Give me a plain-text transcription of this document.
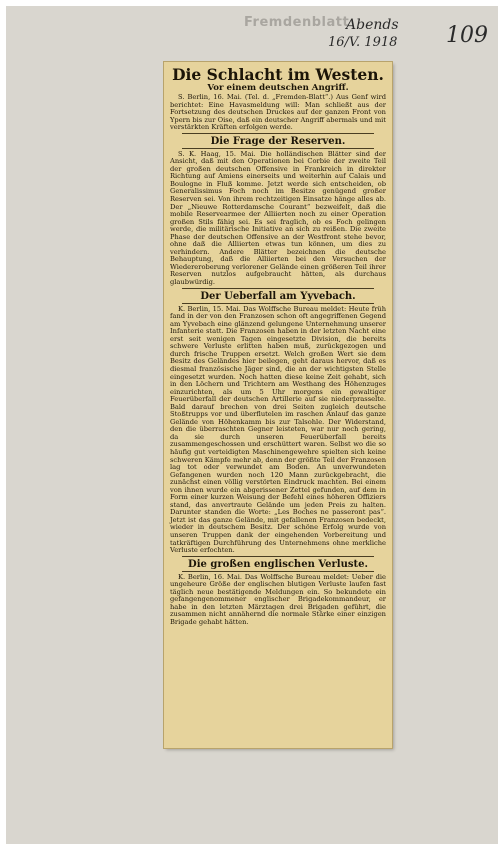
Fremdenblatt
Abends
16/V. 1918 109
Die Schlacht im Westen.
Vor einem deutschen Angriff.

S. Berlin, 16. Mai. (Tel. d. „Fremden-Blatt“.) Aus Genf wird berichtet: Eine Havasmeldung will: Man schließt aus der Fortsetzung des deutschen Druckes auf der ganzen Front von Ypern bis zur Oise, daß ein deutscher Angriff abermals und mit verstärkten Kräften erfolgen werde.

Die Frage der Reserven.

S. K. Haag, 15. Mai. Die holländischen Blätter sind der Ansicht, daß mit den Operationen bei Corbie der zweite Teil der großen deutschen Offensive in Frankreich in direkter Richtung auf Amiens einerseits und weiterhin auf Calais und Boulogne in Fluß komme. Jetzt werde sich entscheiden, ob Generalissimus Foch noch im Besitze genügend großer Reserven sei. Von ihrem rechtzeitigen Einsatze hänge alles ab. Der „Nieuwe Rotterdamsche Courant“ bezweifelt, daß die mobile Reservearmee der Alliierten noch zu einer Operation großen Stils fähig sei. Es sei fraglich, ob es Foch gelingen werde, die militärische Initiative an sich zu reißen. Die zweite Phase der deutschen Offensive an der Westfront stehe bevor, ohne daß die Alliierten etwas tun können, um dies zu verhindern. Andere Blätter bezeichnen die deutsche Behauptung, daß die Alliierten bei den Versuchen der Wiedereroberung verlorener Gelände einen größeren Teil ihrer Reserven nutzlos aufgebraucht hätten, als durchaus glaubwürdig.

Der Ueberfall am Yyvebach.

K. Berlin, 15. Mai. Das Wolffsche Bureau meldet: Heute früh fand in der von den Franzosen schon oft angegriffenen Gegend am Yyvebach eine glänzend gelungene Unternehmung unserer Infanterie statt. Die Franzosen haben in der letzten Nacht eine erst seit wenigen Tagen eingesetzte Division, die bereits schwere Verluste erlitten haben muß, zurückgezogen und durch frische Truppen ersetzt. Welch großen Wert sie dem Besitz des Geländes hier beilegen, geht daraus hervor, daß es diesmal französische Jäger sind, die an der wichtigsten Stelle eingesetzt wurden. Noch hatten diese keine Zeit gehabt, sich in den Löchern und Trichtern am Westhang des Höhenzuges einzurichten, als um 5 Uhr morgens ein gewaltiger Feuerüberfall der deutschen Artillerie auf sie niederprasselte. Bald darauf brechen von drei Seiten zugleich deutsche Stoßtrupps vor und überflutelen im raschen Anlauf das ganze Gelände von Höhenkamm bis zur Talsohle. Der Widerstand, den die überraschten Gegner leisteten, war nur noch gering, da sie durch unseren Feuerüberfall bereits zusammengeschossen und erschüttert waren. Selbst wo die so häufig gut verteidigten Maschinengewehre spielten sich keine schweren Kämpfe mehr ab, denn der größte Teil der Franzosen lag tot oder verwundet am Boden. An unverwundeten Gefangenen wurden noch 120 Mann zurückgebracht, die zunächst einen völlig verstörten Eindruck machten. Bei einem von ihnen wurde ein abgerissener Zettel gefunden, auf dem in Form einer kurzen Weisung der Befehl eines höheren Offiziers stand, das anvertraute Gelände um jeden Preis zu halten. Darunter standen die Worte: „Les Boches ne passeront pas“. Jetzt ist das ganze Gelände, mit gefallenen Franzosen bedeckt, wieder in deutschem Besitz. Der schöne Erfolg wurde von unseren Truppen dank der eingehenden Vorbereitung und tatkräftigen Durchführung des Unternehmens ohne merkliche Verluste erfochten.

Die großen englischen Verluste.

K. Berlin, 16. Mai. Das Wolffsche Bureau meldet: Ueber die ungeheure Größe der englischen blutigen Verluste laufen fast täglich neue bestätigende Meldungen ein. So bekundete ein gefangengenommener englischer Brigadekommandeur, er habe in den letzten Märztagen drei Brigaden geführt, die zusammen nicht annähernd die normale Stärke einer einzigen Brigade gehabt hätten.
